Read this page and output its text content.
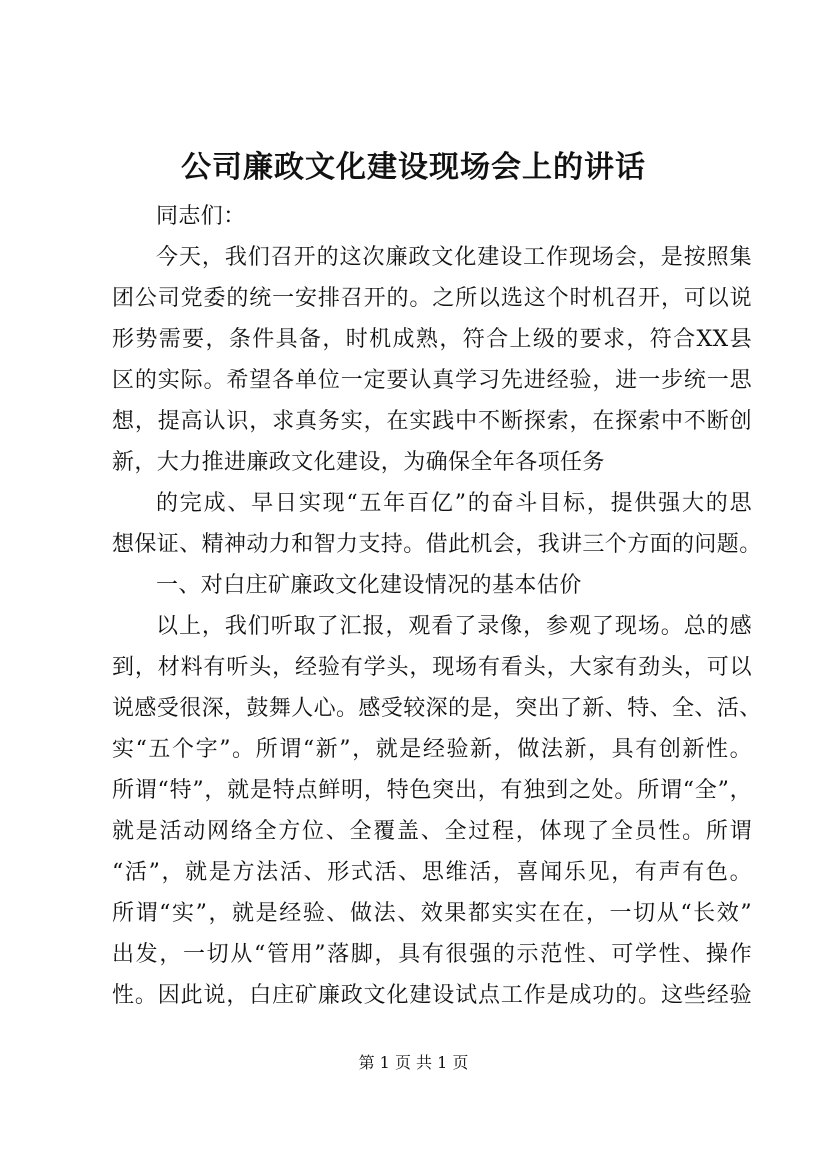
公司廉政文化建设现场会上的讲话
同志们：
今天，我们召开的这次廉政文化建设工作现场会，是按照集
团公司党委的统一安排召开的。之所以选这个时机召开，可以说
形势需要，条件具备，时机成熟，符合上级的要求，符合XX县
区的实际。希望各单位一定要认真学习先进经验，进一步统一思
想，提高认识，求真务实，在实践中不断探索，在探索中不断创
新，大力推进廉政文化建设，为确保全年各项任务
的完成、早日实现“五年百亿”的奋斗目标，提供强大的思
想保证、精神动力和智力支持。借此机会，我讲三个方面的问题。
一、对白庄矿廉政文化建设情况的基本估价
以上，我们听取了汇报，观看了录像，参观了现场。总的感
到，材料有听头，经验有学头，现场有看头，大家有劲头，可以
说感受很深，鼓舞人心。感受较深的是，突出了新、特、全、活、
实“五个字”。所谓“新”，就是经验新，做法新，具有创新性。
所谓“特”，就是特点鲜明，特色突出，有独到之处。所谓“全”，
就是活动网络全方位、全覆盖、全过程，体现了全员性。所谓
“活”，就是方法活、形式活、思维活，喜闻乐见，有声有色。
所谓“实”，就是经验、做法、效果都实实在在，一切从“长效”
出发，一切从“管用”落脚，具有很强的示范性、可学性、操作
性。因此说，白庄矿廉政文化建设试点工作是成功的。这些经验
第 1 页 共 1 页
